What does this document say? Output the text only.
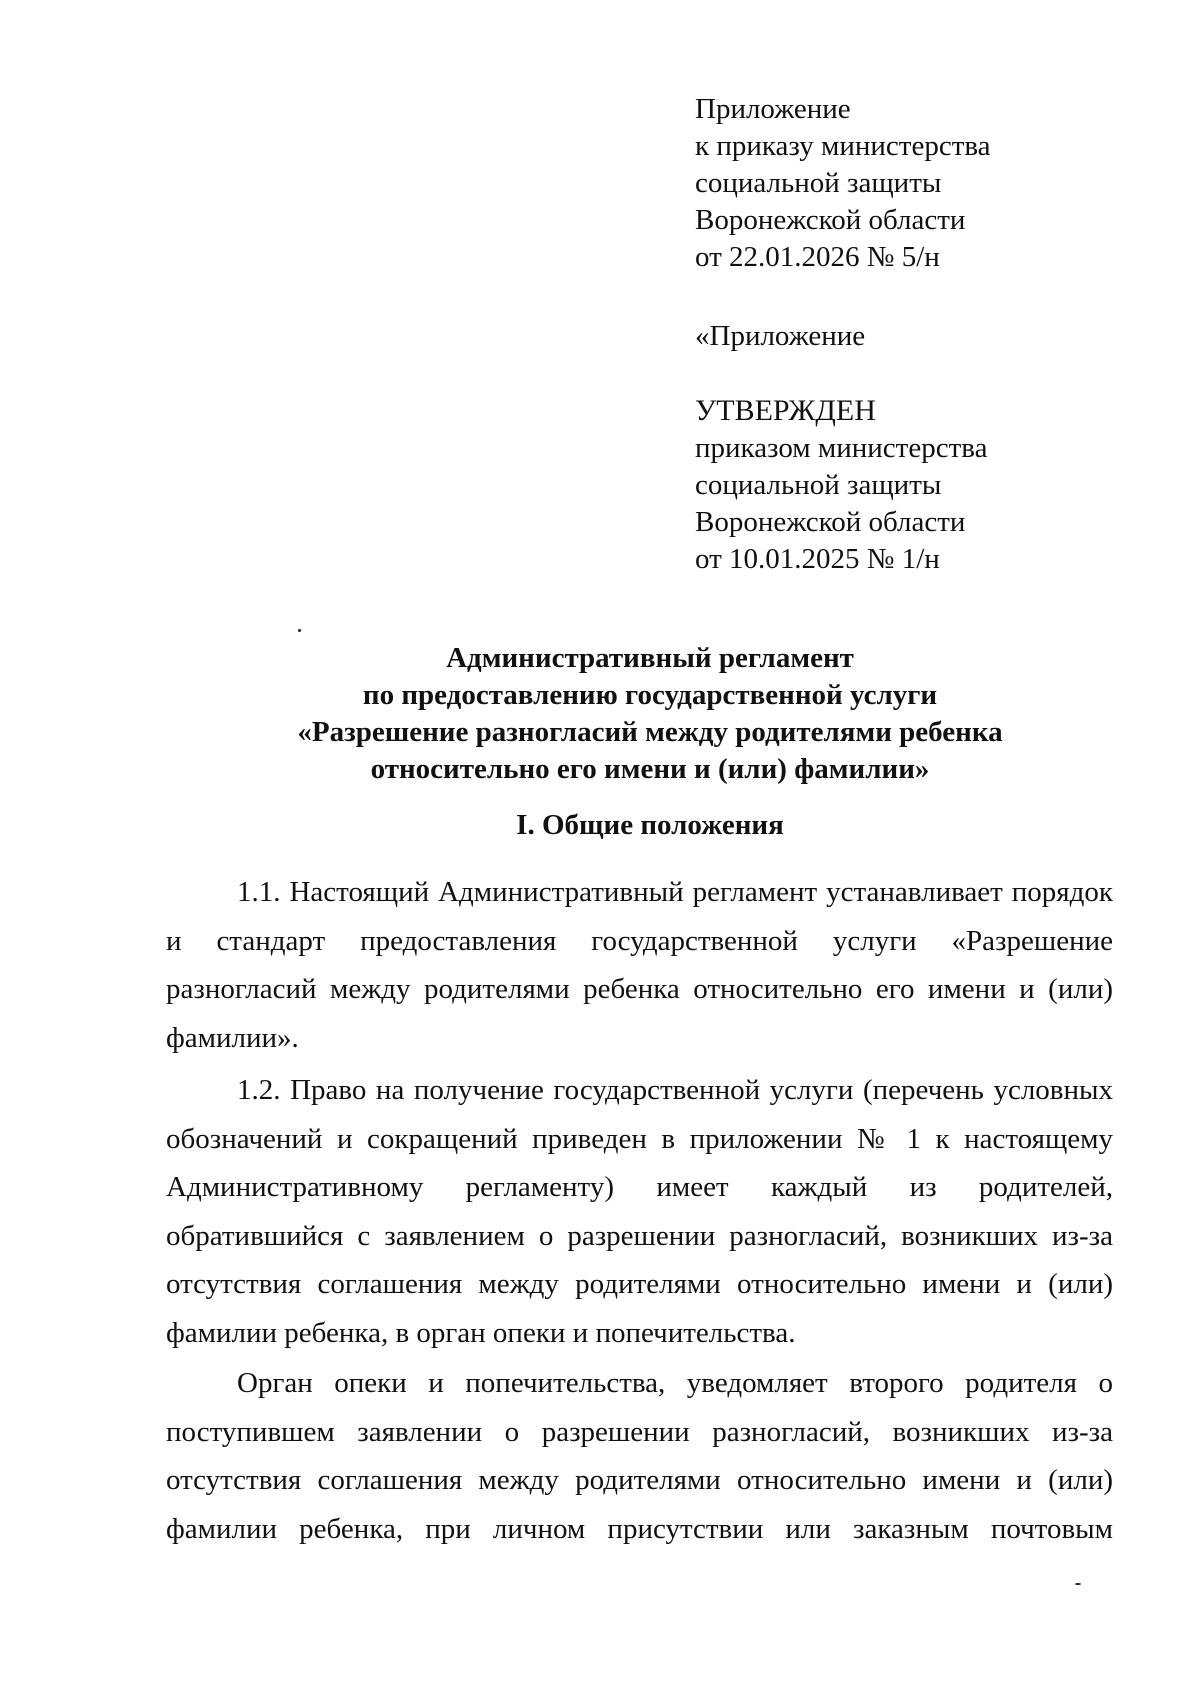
Приложение
к приказу министерства
социальной защиты
Воронежской области
от 22.01.2026 № 5/н
«Приложение
УТВЕРЖДЕН
приказом министерства
социальной защиты
Воронежской области
от 10.01.2025 № 1/н
Административный регламент
по предоставлению государственной услуги
«Разрешение разногласий между родителями ребенка
относительно его имени и (или) фамилии»
I. Общие положения

1.1. Настоящий Административный регламент устанавливает порядок и стандарт предоставления государственной услуги «Разрешение разногласий между родителями ребенка относительно его имени и (или) фамилии».

1.2. Право на получение государственной услуги (перечень условных обозначений и сокращений приведен в приложении № 1 к настоящему Административному регламенту) имеет каждый из родителей, обратившийся с заявлением о разрешении разногласий, возникших из-за отсутствия соглашения между родителями относительно имени и (или) фамилии ребенка, в орган опеки и попечительства.

Орган опеки и попечительства, уведомляет второго родителя о поступившем заявлении о разрешении разногласий, возникших из-за отсутствия соглашения между родителями относительно имени и (или) фамилии ребенка, при личном присутствии или заказным почтовым
